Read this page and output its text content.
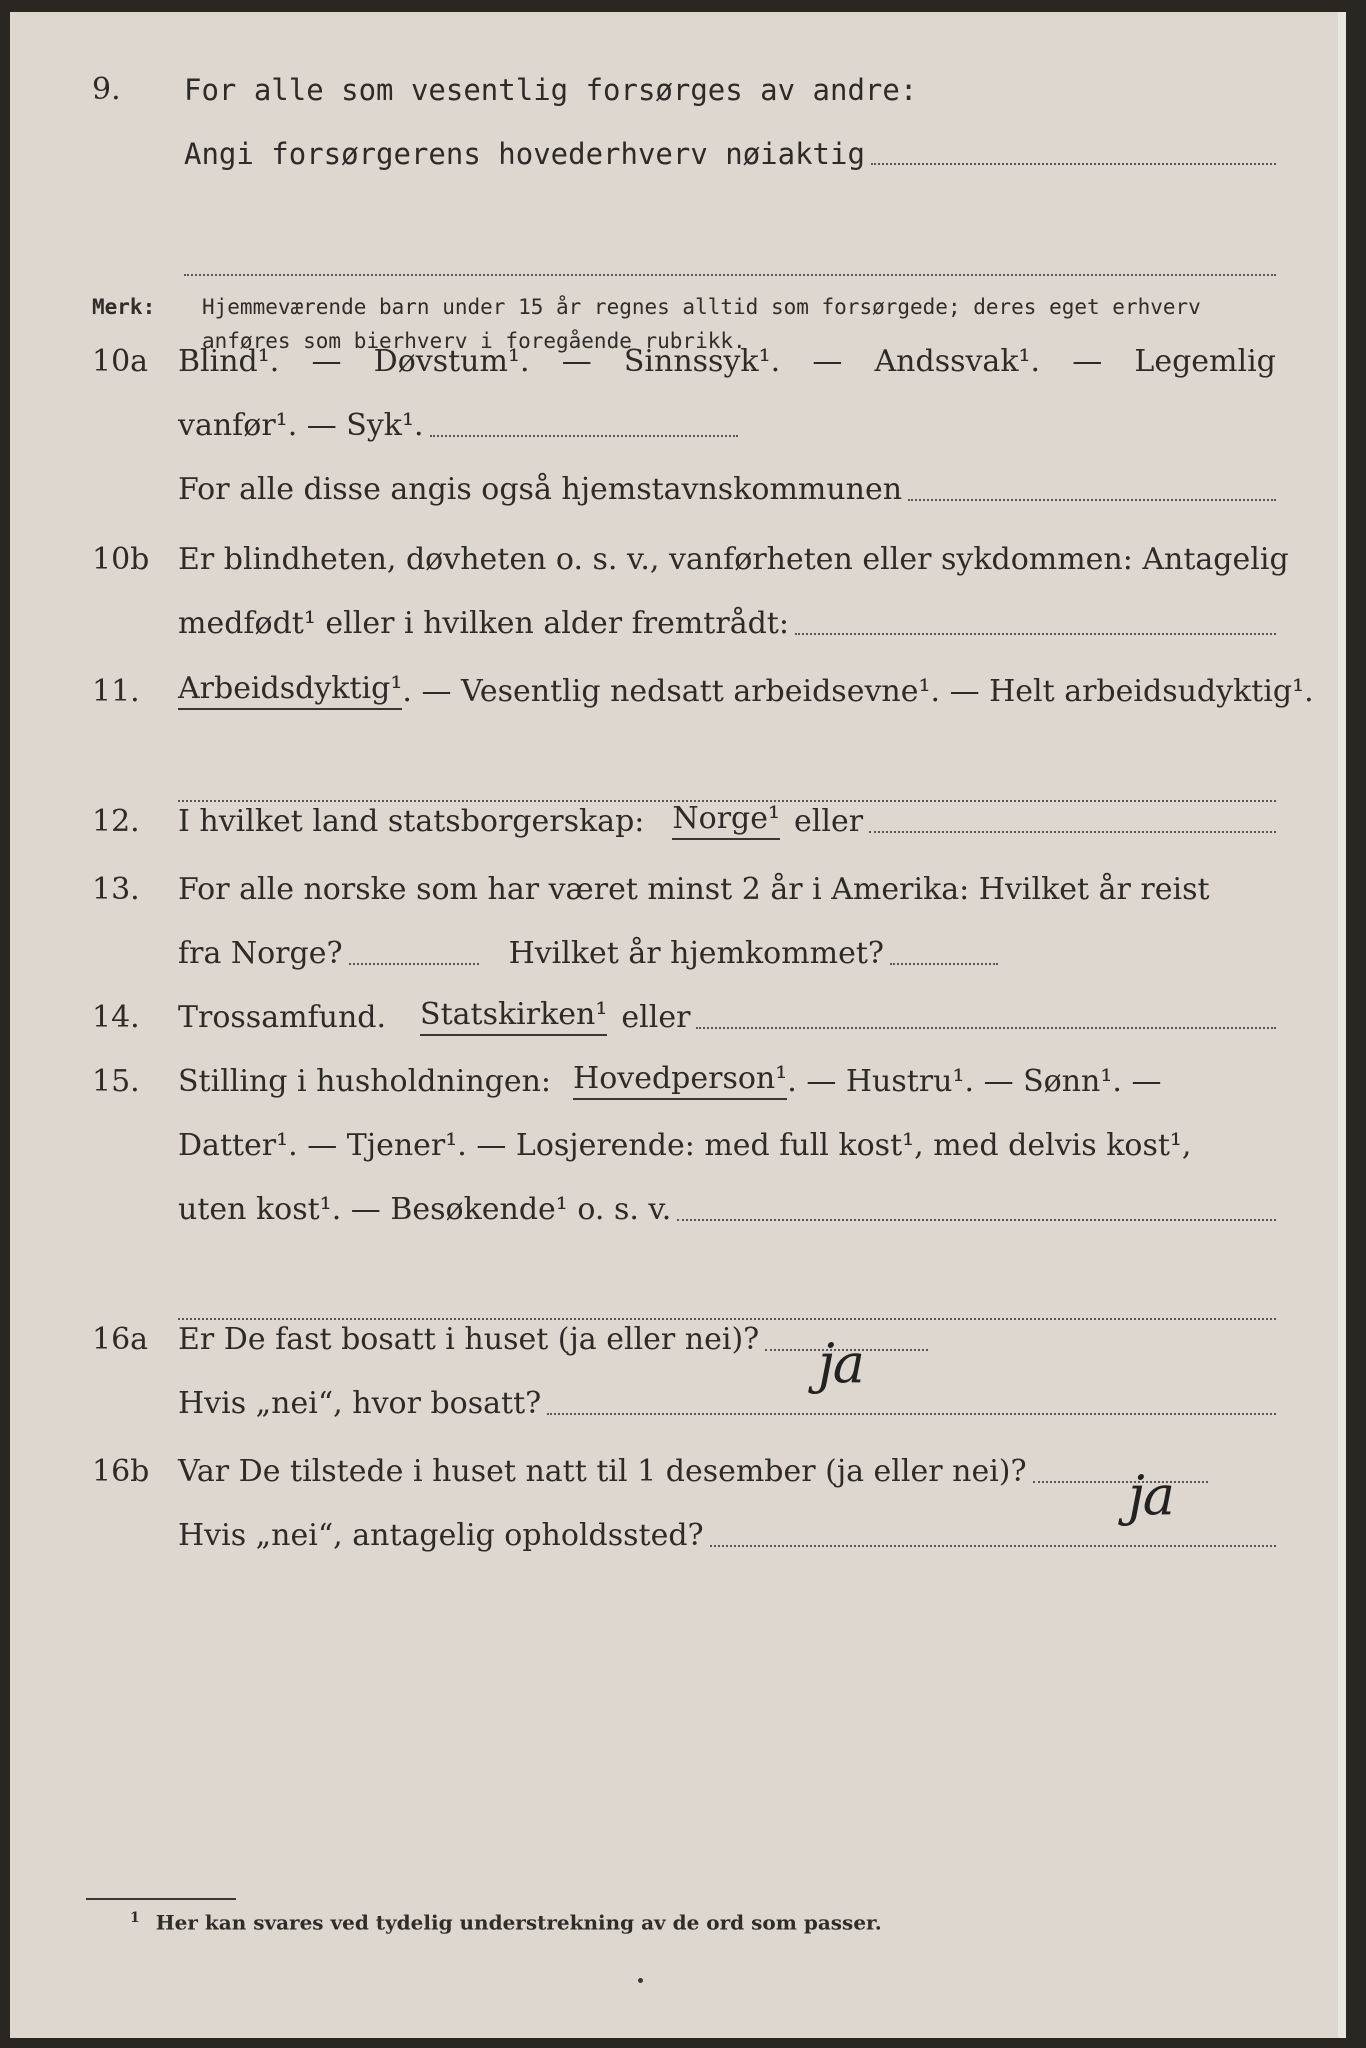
9. For alle som vesentlig forsørges av andre:
Angi forsørgerens hovederhverv nøiaktig
Merk: Hjemmeværende barn under 15 år regnes alltid som forsørgede; deres eget erhverv anføres som bierhverv i foregående rubrikk.
10a Blind¹. — Døvstum¹. — Sinnssyk¹. — Andssvak¹. — Legemlig
vanfør¹. — Syk¹.
For alle disse angis også hjemstavnskommunen
10b Er blindheten, døvheten o. s. v., vanførheten eller sykdommen: Antagelig
medfødt¹ eller i hvilken alder fremtrådt:
11. Arbeidsdyktig¹ . — Vesentlig nedsatt arbeidsevne¹. — Helt arbeidsudyktig¹.
12. I hvilket land statsborgerskap: Norge¹ eller
13. For alle norske som har været minst 2 år i Amerika: Hvilket år reist
fra Norge?	Hvilket år hjemkommet?
14. Trossamfund. Statskirken¹ eller
15. Stilling i husholdningen: Hovedperson¹ . — Hustru¹. — Sønn¹. —
Datter¹. — Tjener¹. — Losjerende: med full kost¹, med delvis kost¹,
uten kost¹. — Besøkende¹ o. s. v.
16a Er De fast bosatt i huset (ja eller nei)? ja
Hvis „nei“, hvor bosatt?
16b Var De tilstede i huset natt til 1 desember (ja eller nei)? ja
Hvis „nei“, antagelig opholdssted?
$^1$ Her kan svares ved tydelig understrekning av de ord som passer.
